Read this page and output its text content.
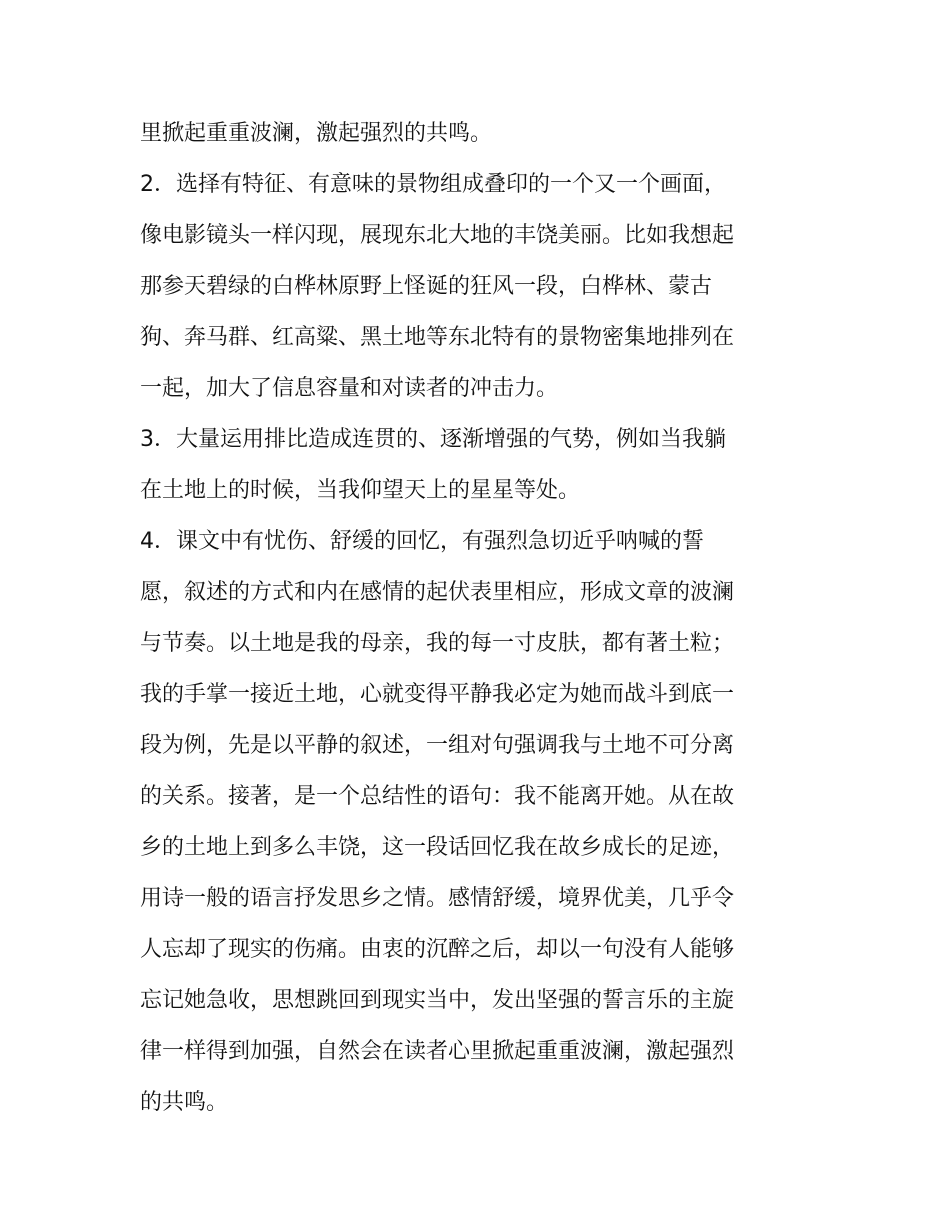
里掀起重重波澜，激起强烈的共鸣。
2．选择有特征、有意味的景物组成叠印的一个又一个画面，
像电影镜头一样闪现，展现东北大地的丰饶美丽。比如我想起
那参天碧绿的白桦林原野上怪诞的狂风一段，白桦林、蒙古
狗、奔马群、红高粱、黑土地等东北特有的景物密集地排列在
一起，加大了信息容量和对读者的冲击力。
3．大量运用排比造成连贯的、逐渐增强的气势，例如当我躺
在土地上的时候，当我仰望天上的星星等处。
4．课文中有忧伤、舒缓的回忆，有强烈急切近乎呐喊的誓
愿，叙述的方式和内在感情的起伏表里相应，形成文章的波澜
与节奏。以土地是我的母亲，我的每一寸皮肤，都有著土粒；
我的手掌一接近土地，心就变得平静我必定为她而战斗到底一
段为例，先是以平静的叙述，一组对句强调我与土地不可分离
的关系。接著，是一个总结性的语句：我不能离开她。从在故
乡的土地上到多么丰饶，这一段话回忆我在故乡成长的足迹，
用诗一般的语言抒发思乡之情。感情舒缓，境界优美，几乎令
人忘却了现实的伤痛。由衷的沉醉之后，却以一句没有人能够
忘记她急收，思想跳回到现实当中，发出坚强的誓言乐的主旋
律一样得到加强，自然会在读者心里掀起重重波澜，激起强烈
的共鸣。
